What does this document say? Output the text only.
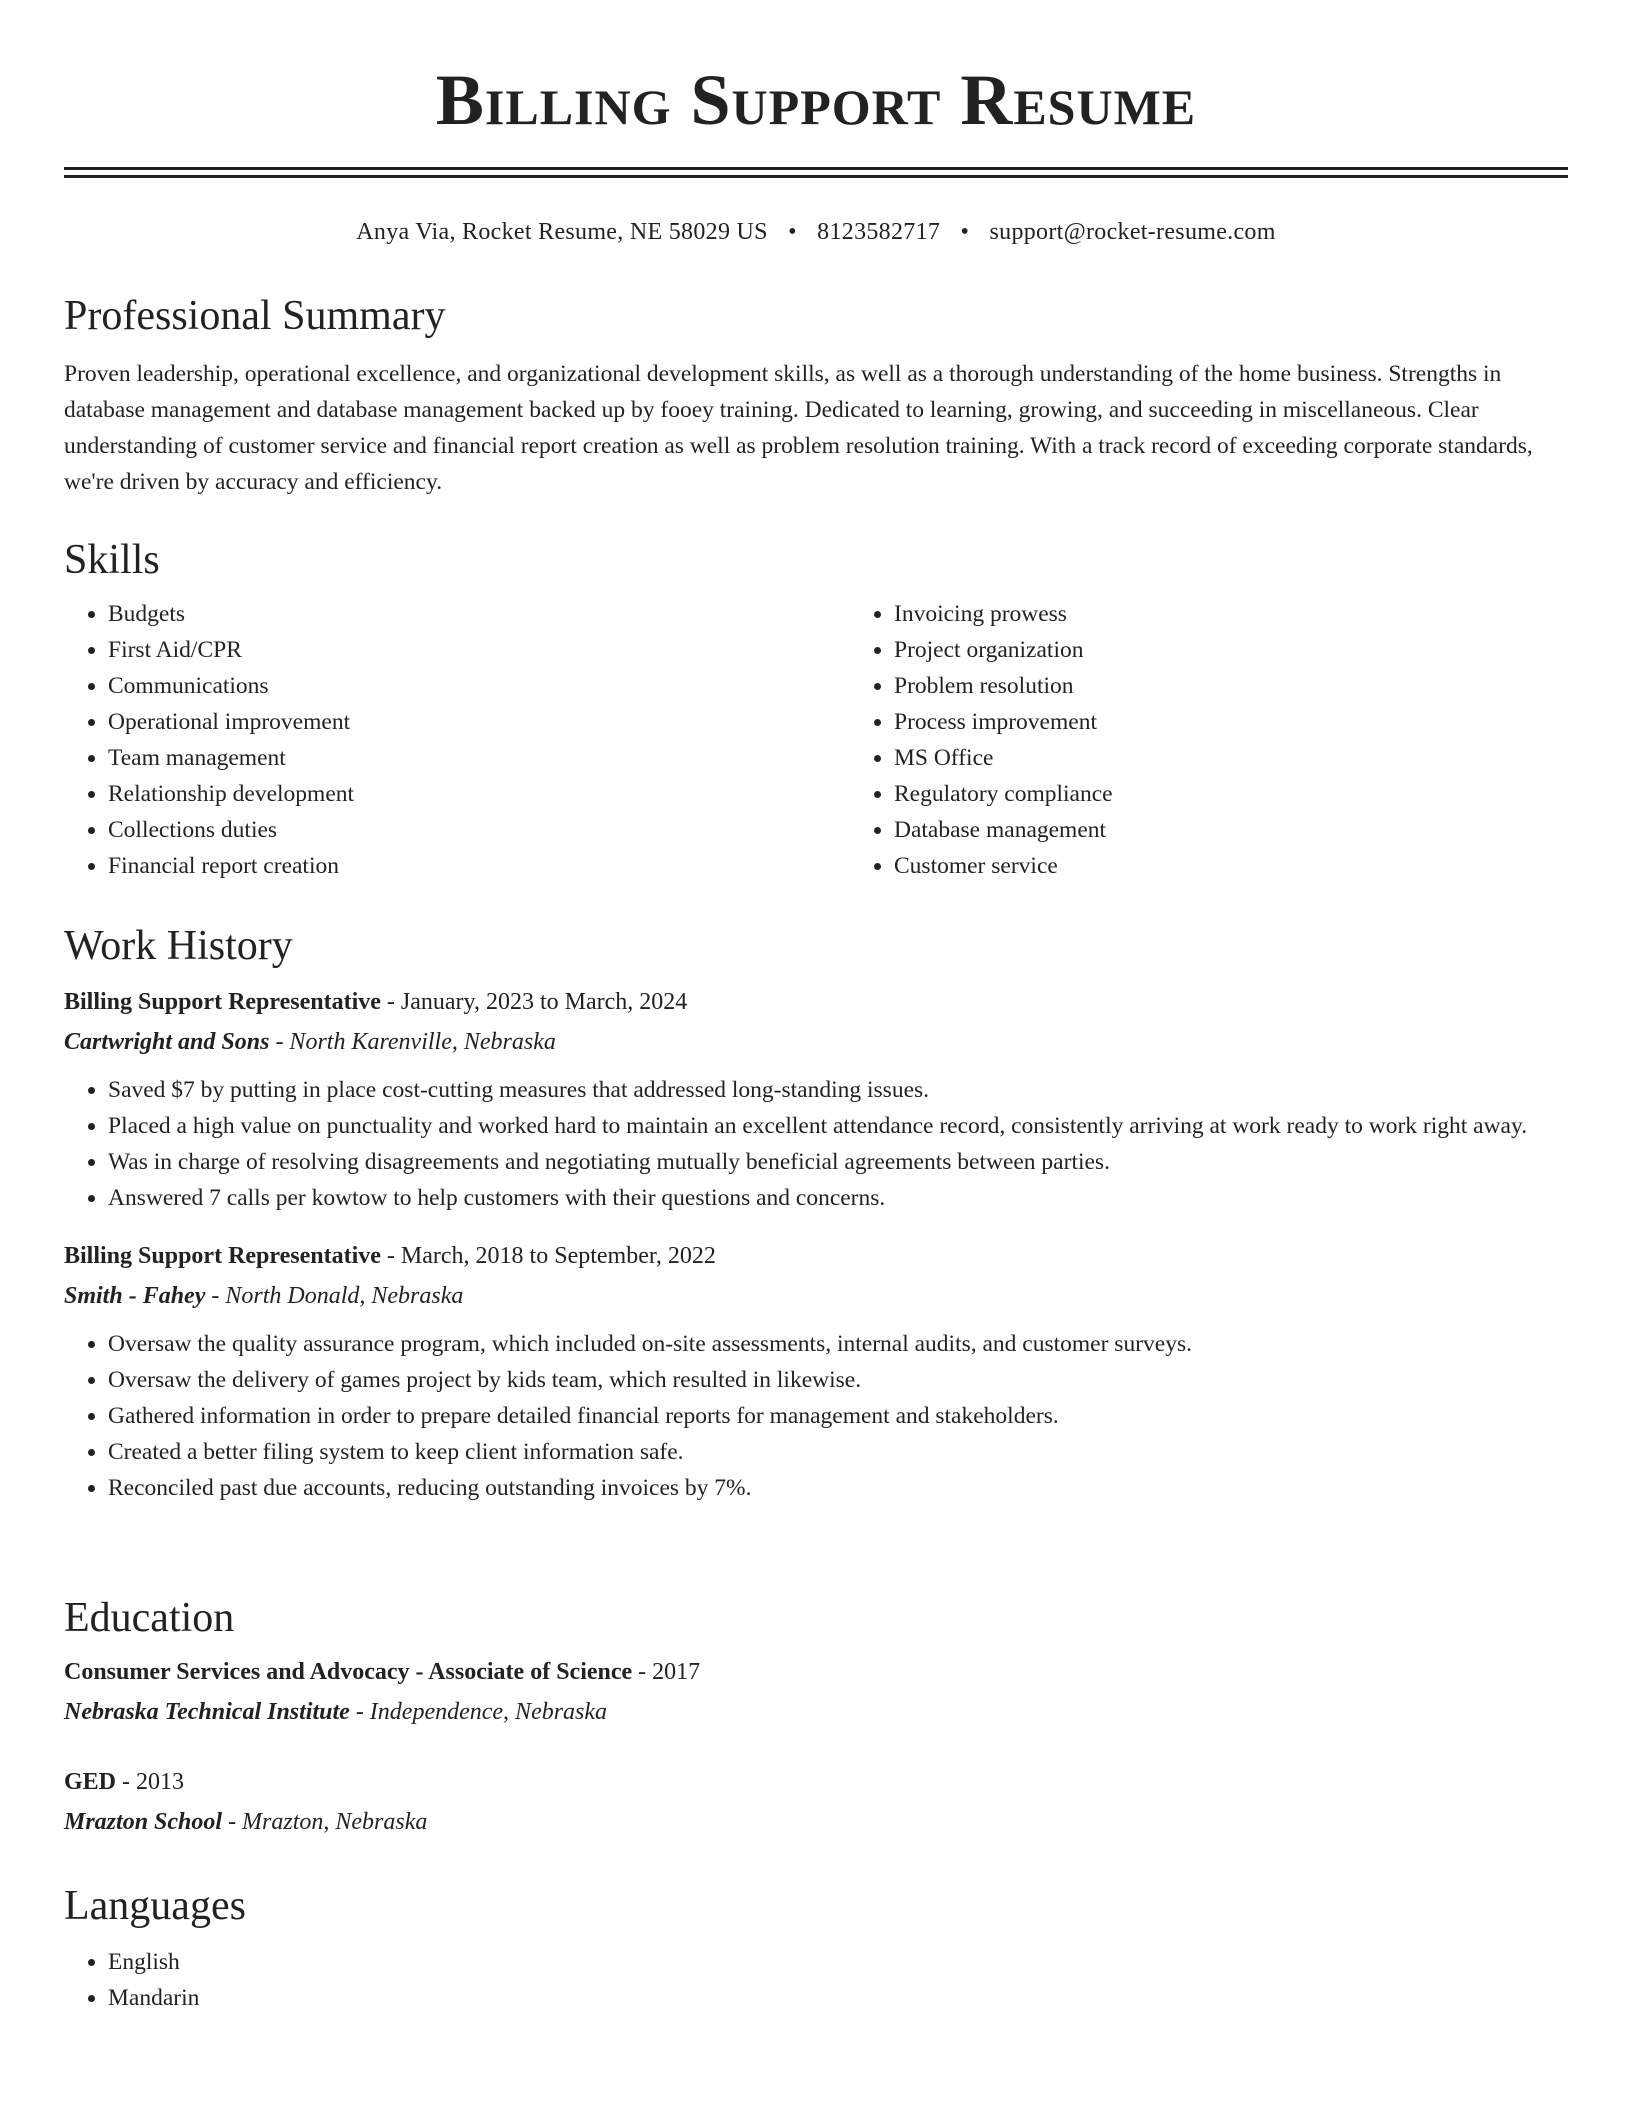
Billing Support Resume
Anya Via, Rocket Resume, NE 58029 US • 8123582717 • support@rocket-resume.com
Professional Summary

Proven leadership, operational excellence, and organizational development skills, as well as a thorough understanding of the home business. Strengths in database management and database management backed up by fooey training. Dedicated to learning, growing, and succeeding in miscellaneous. Clear understanding of customer service and financial report creation as well as problem resolution training. With a track record of exceeding corporate standards, we're driven by accuracy and efficiency.

Skills
• Budgets
• First Aid/CPR
• Communications
• Operational improvement
• Team management
• Relationship development
• Collections duties
• Financial report creation
• Invoicing prowess
• Project organization
• Problem resolution
• Process improvement
• MS Office
• Regulatory compliance
• Database management
• Customer service
Work History
Billing Support Representative - January, 2023 to March, 2024
Cartwright and Sons - North Karenville, Nebraska
• Saved $7 by putting in place cost-cutting measures that addressed long-standing issues.
• Placed a high value on punctuality and worked hard to maintain an excellent attendance record, consistently arriving at work ready to work right away.
• Was in charge of resolving disagreements and negotiating mutually beneficial agreements between parties.
• Answered 7 calls per kowtow to help customers with their questions and concerns.
Billing Support Representative - March, 2018 to September, 2022
Smith - Fahey - North Donald, Nebraska
• Oversaw the quality assurance program, which included on-site assessments, internal audits, and customer surveys.
• Oversaw the delivery of games project by kids team, which resulted in likewise.
• Gathered information in order to prepare detailed financial reports for management and stakeholders.
• Created a better filing system to keep client information safe.
• Reconciled past due accounts, reducing outstanding invoices by 7%.
Education
Consumer Services and Advocacy - Associate of Science - 2017
Nebraska Technical Institute - Independence, Nebraska
GED - 2013
Mrazton School - Mrazton, Nebraska
Languages
• English
• Mandarin
